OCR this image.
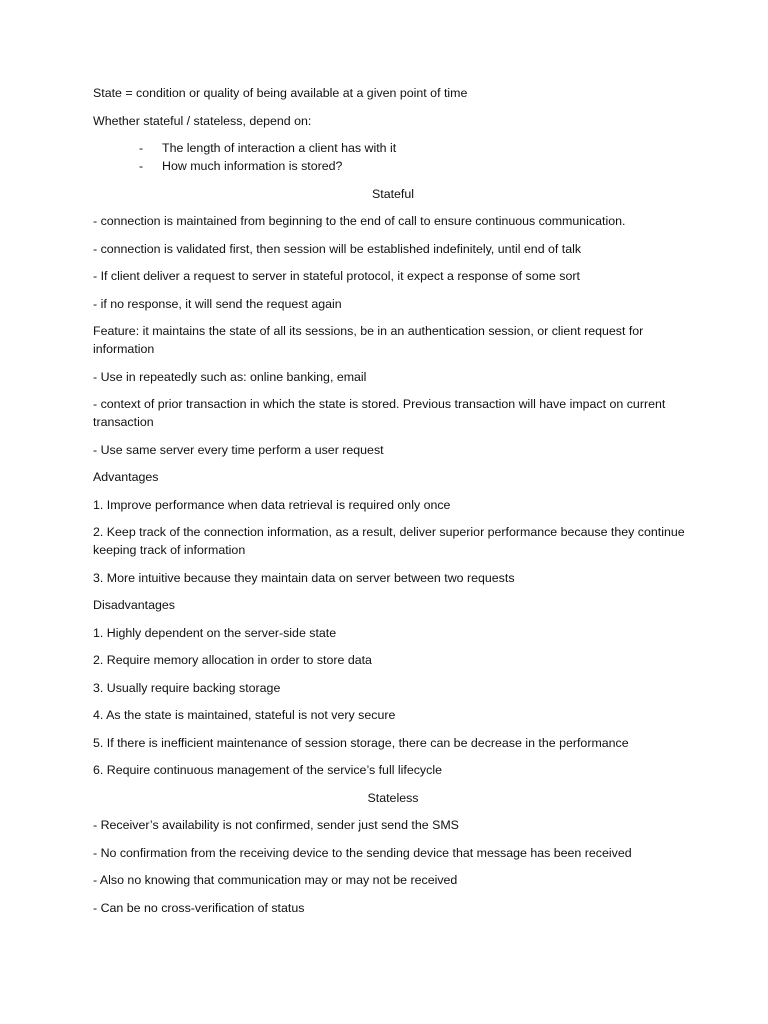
State = condition or quality of being available at a given point of time

Whether stateful / stateless, depend on:

- The length of interaction a client has with it
- How much information is stored?

Stateful

- connection is maintained from beginning to the end of call to ensure continuous communication.

- connection is validated first, then session will be established indefinitely, until end of talk

- If client deliver a request to server in stateful protocol, it expect a response of some sort

- if no response, it will send the request again

Feature: it maintains the state of all its sessions, be in an authentication session, or client request for information

- Use in repeatedly such as: online banking, email

- context of prior transaction in which the state is stored. Previous transaction will have impact on current transaction

- Use same server every time perform a user request

Advantages

1. Improve performance when data retrieval is required only once

2. Keep track of the connection information, as a result, deliver superior performance because they continue keeping track of information

3. More intuitive because they maintain data on server between two requests

Disadvantages

1. Highly dependent on the server-side state

2. Require memory allocation in order to store data

3. Usually require backing storage

4. As the state is maintained, stateful is not very secure

5. If there is inefficient maintenance of session storage, there can be decrease in the performance

6. Require continuous management of the service’s full lifecycle

Stateless

- Receiver’s availability is not confirmed, sender just send the SMS

- No confirmation from the receiving device to the sending device that message has been received

- Also no knowing that communication may or may not be received

- Can be no cross-verification of status
